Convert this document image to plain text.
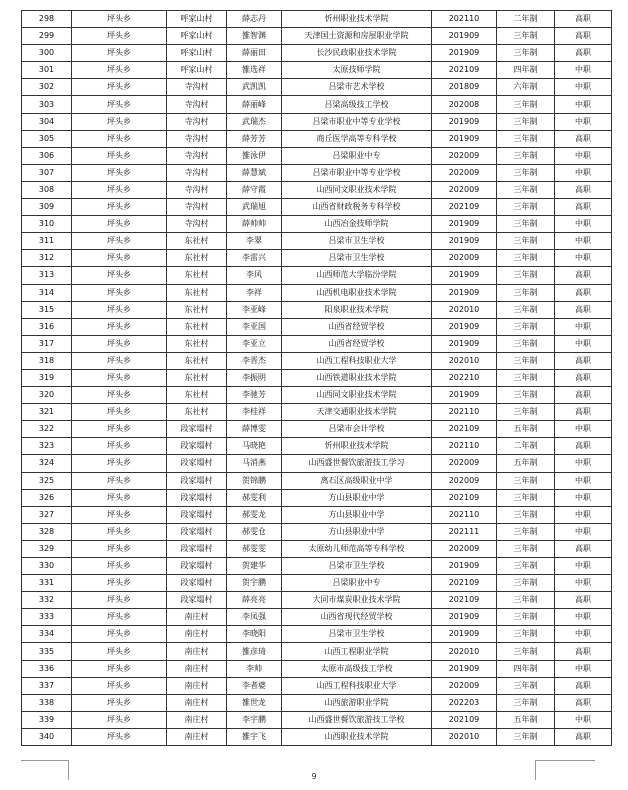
298	坪头乡	呼家山村	薛志丹	忻州职业技术学院	202110	二年制	高职
299	坪头乡	呼家山村	雒智渊	天津国土资源和房屋职业学院	201909	三年制	高职
300	坪头乡	呼家山村	薛丽田	长沙民政职业技术学院	201909	三年制	高职
301	坪头乡	呼家山村	雒选祥	太原技师学院	202109	四年制	中职
302	坪头乡	寺沟村	武凯凯	吕梁市艺术学校	201809	六年制	中职
303	坪头乡	寺沟村	薛丽峰	吕梁高级技工学校	202008	三年制	中职
304	坪头乡	寺沟村	武瑞杰	吕梁市职业中等专业学校	201909	三年制	中职
305	坪头乡	寺沟村	薛芳芳	商丘医学高等专科学校	201909	三年制	高职
306	坪头乡	寺沟村	雒泳伊	吕梁职业中专	202009	三年制	中职
307	坪头乡	寺沟村	薛慧斌	吕梁市职业中等专业学校	202009	三年制	中职
308	坪头乡	寺沟村	薛守霞	山西同文职业技术学院	202009	三年制	高职
309	坪头乡	寺沟村	武瑞旭	山西省财政税务专科学校	202109	三年制	高职
310	坪头乡	寺沟村	薛帅帅	山西冶金技师学院	201909	三年制	中职
311	坪头乡	东社村	李翠	吕梁市卫生学校	201909	三年制	中职
312	坪头乡	东社村	李雷兴	吕梁市卫生学校	202009	三年制	中职
313	坪头乡	东社村	李风	山西师范大学临汾学院	201909	三年制	高职
314	坪头乡	东社村	李祥	山西机电职业技术学院	201909	三年制	高职
315	坪头乡	东社村	李亚峰	阳泉职业技术学院	202010	三年制	高职
316	坪头乡	东社村	李亚国	山西省经贸学校	201909	三年制	中职
317	坪头乡	东社村	李亚立	山西省经贸学校	201909	三年制	中职
318	坪头乡	东社村	李晋杰	山西工程科技职业大学	202010	三年制	高职
319	坪头乡	东社村	李振明	山西铁道职业技术学院	202210	三年制	高职
320	坪头乡	东社村	李驰芳	山西同文职业技术学院	201909	三年制	高职
321	坪头乡	东社村	李桂祥	天津交通职业技术学院	202110	三年制	高职
322	坪头乡	段家塌村	薛博雯	吕梁市会计学校	202109	五年制	中职
323	坪头乡	段家塌村	马晓艳	忻州职业技术学院	202110	二年制	高职
324	坪头乡	段家塌村	马消燕	山西盛世餐饮旅游技工学习	202009	五年制	中职
325	坪头乡	段家塌村	贺锦鹏	离石区高级职业中学	202009	三年制	中职
326	坪头乡	段家塌村	郝雯利	方山县职业中学	202109	三年制	中职
327	坪头乡	段家塌村	郝雯龙	方山县职业中学	202110	三年制	中职
328	坪头乡	段家塌村	郝雯仓	方山县职业中学	202111	三年制	中职
329	坪头乡	段家塌村	郝雯雯	太原幼儿师范高等专科学校	202009	三年制	高职
330	坪头乡	段家塌村	贺建华	吕梁市卫生学校	201909	三年制	中职
331	坪头乡	段家塌村	贺宇鹏	吕梁职业中专	202109	三年制	中职
332	坪头乡	段家塌村	薛亮亮	大同市煤炭职业技术学院	202109	三年制	高职
333	坪头乡	南庄村	李凤强	山西省现代经贸学校	201909	三年制	中职
334	坪头乡	南庄村	李晓阳	吕梁市卫生学校	201909	三年制	中职
335	坪头乡	南庄村	雒彦琦	山西工程职业学院	202010	三年制	高职
336	坪头乡	南庄村	李帅	太原市高级技工学校	201909	四年制	中职
337	坪头乡	南庄村	李者婆	山西工程科技职业大学	202009	三年制	高职
338	坪头乡	南庄村	雒世龙	山西旅游职业学院	202203	三年制	高职
339	坪头乡	南庄村	李宇鹏	山西盛世餐饮旅游技工学校	202109	五年制	中职
340	坪头乡	南庄村	雒宇飞	山西职业技术学院	202010	三年制	高职
9
